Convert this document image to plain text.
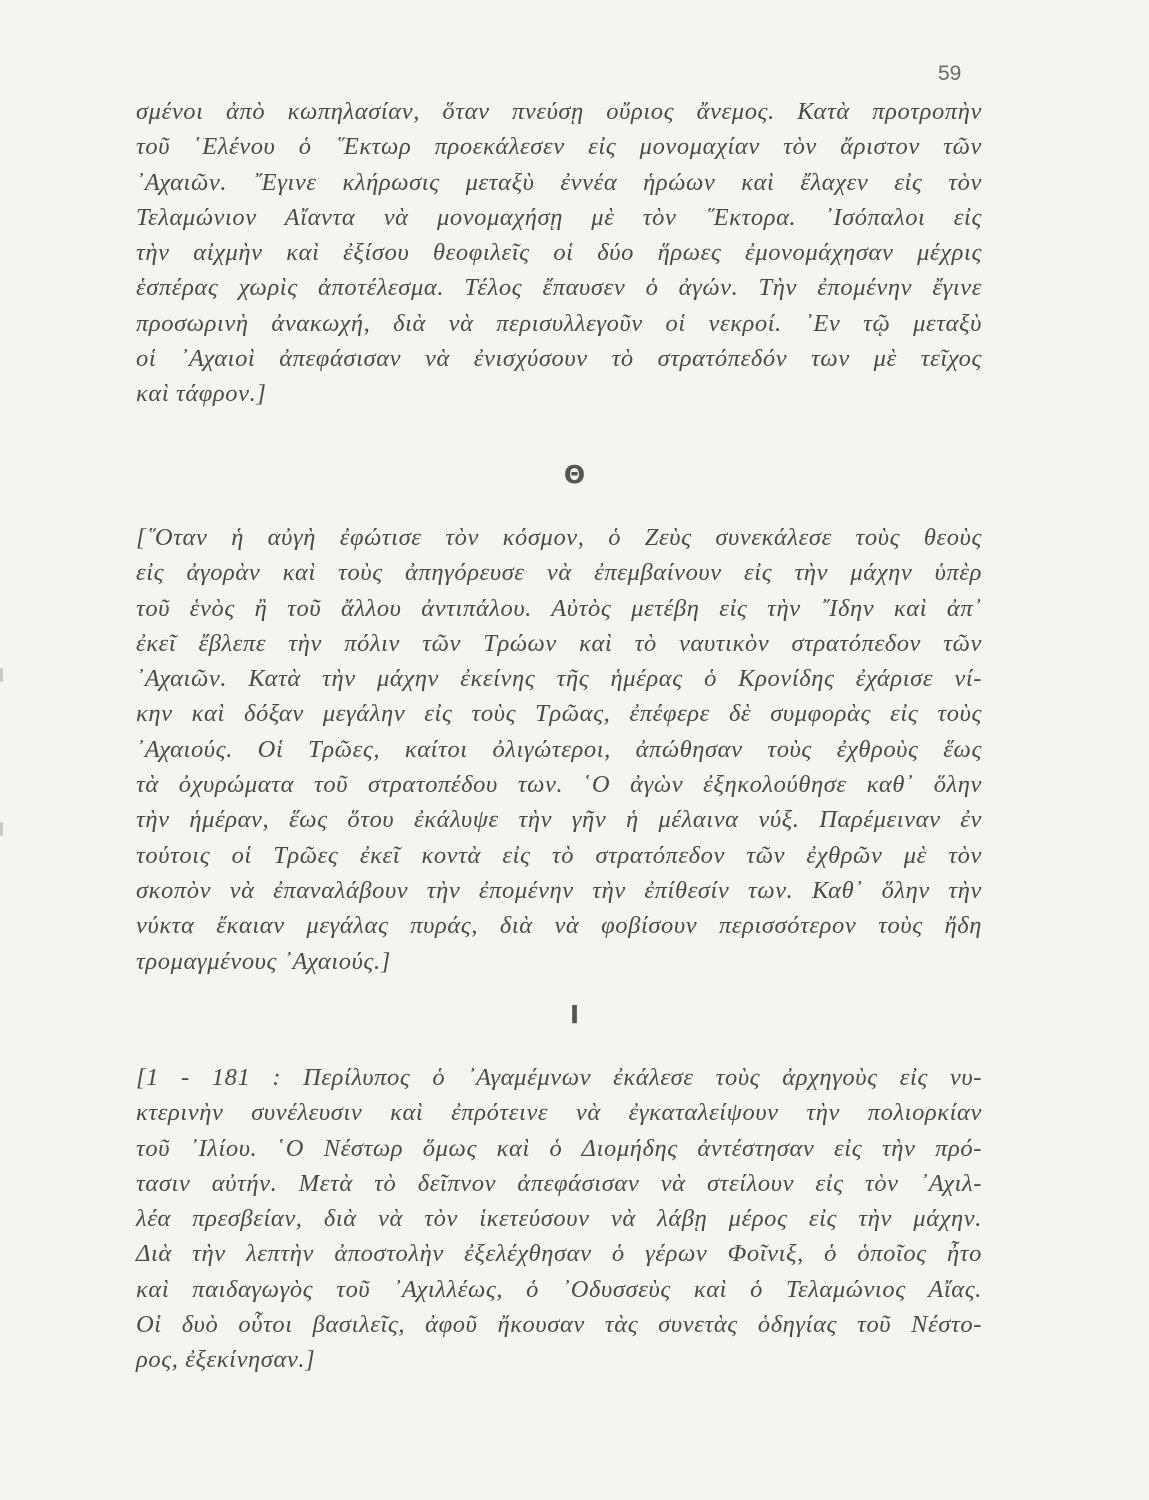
59
σμένοι ἀπὸ κωπηλασίαν, ὅταν πνεύσῃ οὔριος ἄνεμος. Κατὰ προτροπὴν
τοῦ ῾Ελένου ὁ ῞Εκτωρ προεκάλεσεν εἰς μονομαχίαν τὸν ἄριστον τῶν
᾿Αχαιῶν. ῎Εγινε κλήρωσις μεταξὺ ἐννέα ἡρώων καὶ ἔλαχεν εἰς τὸν
Τελαμώνιον Αἴαντα νὰ μονομαχήσῃ μὲ τὸν ῞Εκτορα. ᾿Ισόπαλοι εἰς
τὴν αἰχμὴν καὶ ἐξίσου θεοφιλεῖς οἱ δύο ἥρωες ἐμονομάχησαν μέχρις
ἑσπέρας χωρὶς ἀποτέλεσμα. Τέλος ἔπαυσεν ὁ ἀγών. Τὴν ἐπομένην ἔγινε
προσωρινὴ ἀνακωχή, διὰ νὰ περισυλλεγοῦν οἱ νεκροί. ᾿Εν τῷ μεταξὺ
οἱ ᾿Αχαιοὶ ἀπεφάσισαν νὰ ἐνισχύσουν τὸ στρατόπεδόν των μὲ τεῖχος
καὶ τάφρον.]
Θ
[῞Οταν ἡ αὐγὴ ἐφώτισε τὸν κόσμον, ὁ Ζεὺς συνεκάλεσε τοὺς θεοὺς
εἰς ἀγορὰν καὶ τοὺς ἀπηγόρευσε νὰ ἐπεμβαίνουν εἰς τὴν μάχην ὑπὲρ
τοῦ ἑνὸς ἢ τοῦ ἄλλου ἀντιπάλου. Αὐτὸς μετέβη εἰς τὴν ῎Ιδην καὶ ἀπ᾿
ἐκεῖ ἔβλεπε τὴν πόλιν τῶν Τρώων καὶ τὸ ναυτικὸν στρατόπεδον τῶν
᾿Αχαιῶν. Κατὰ τὴν μάχην ἐκείνης τῆς ἡμέρας ὁ Κρονίδης ἐχάρισε νί-
κην καὶ δόξαν μεγάλην εἰς τοὺς Τρῶας, ἐπέφερε δὲ συμφορὰς εἰς τοὺς
᾿Αχαιούς. Οἱ Τρῶες, καίτοι ὀλιγώτεροι, ἀπώθησαν τοὺς ἐχθροὺς ἕως
τὰ ὀχυρώματα τοῦ στρατοπέδου των. ῾Ο ἀγὼν ἐξηκολούθησε καθ᾿ ὅλην
τὴν ἡμέραν, ἕως ὅτου ἐκάλυψε τὴν γῆν ἡ μέλαινα νύξ. Παρέμειναν ἐν
τούτοις οἱ Τρῶες ἐκεῖ κοντὰ εἰς τὸ στρατόπεδον τῶν ἐχθρῶν μὲ τὸν
σκοπὸν νὰ ἐπαναλάβουν τὴν ἐπομένην τὴν ἐπίθεσίν των. Καθ᾿ ὅλην τὴν
νύκτα ἔκαιαν μεγάλας πυράς, διὰ νὰ φοβίσουν περισσότερον τοὺς ἤδη
τρομαγμένους ᾿Αχαιούς.]
Ι
[1 - 181 : Περίλυπος ὁ ᾿Αγαμέμνων ἐκάλεσε τοὺς ἀρχηγοὺς εἰς νυ-
κτερινὴν συνέλευσιν καὶ ἐπρότεινε νὰ ἐγκαταλείψουν τὴν πολιορκίαν
τοῦ ᾿Ιλίου. ῾Ο Νέστωρ ὅμως καὶ ὁ Διομήδης ἀντέστησαν εἰς τὴν πρό-
τασιν αὐτήν. Μετὰ τὸ δεῖπνον ἀπεφάσισαν νὰ στείλουν εἰς τὸν ᾿Αχιλ-
λέα πρεσβείαν, διὰ νὰ τὸν ἱκετεύσουν νὰ λάβῃ μέρος εἰς τὴν μάχην.
Διὰ τὴν λεπτὴν ἀποστολὴν ἐξελέχθησαν ὁ γέρων Φοῖνιξ, ὁ ὁποῖος ἦτο
καὶ παιδαγωγὸς τοῦ ᾿Αχιλλέως, ὁ ᾿Οδυσσεὺς καὶ ὁ Τελαμώνιος Αἴας.
Οἱ δυὸ οὗτοι βασιλεῖς, ἀφοῦ ἤκουσαν τὰς συνετὰς ὁδηγίας τοῦ Νέστο-
ρος, ἐξεκίνησαν.]
